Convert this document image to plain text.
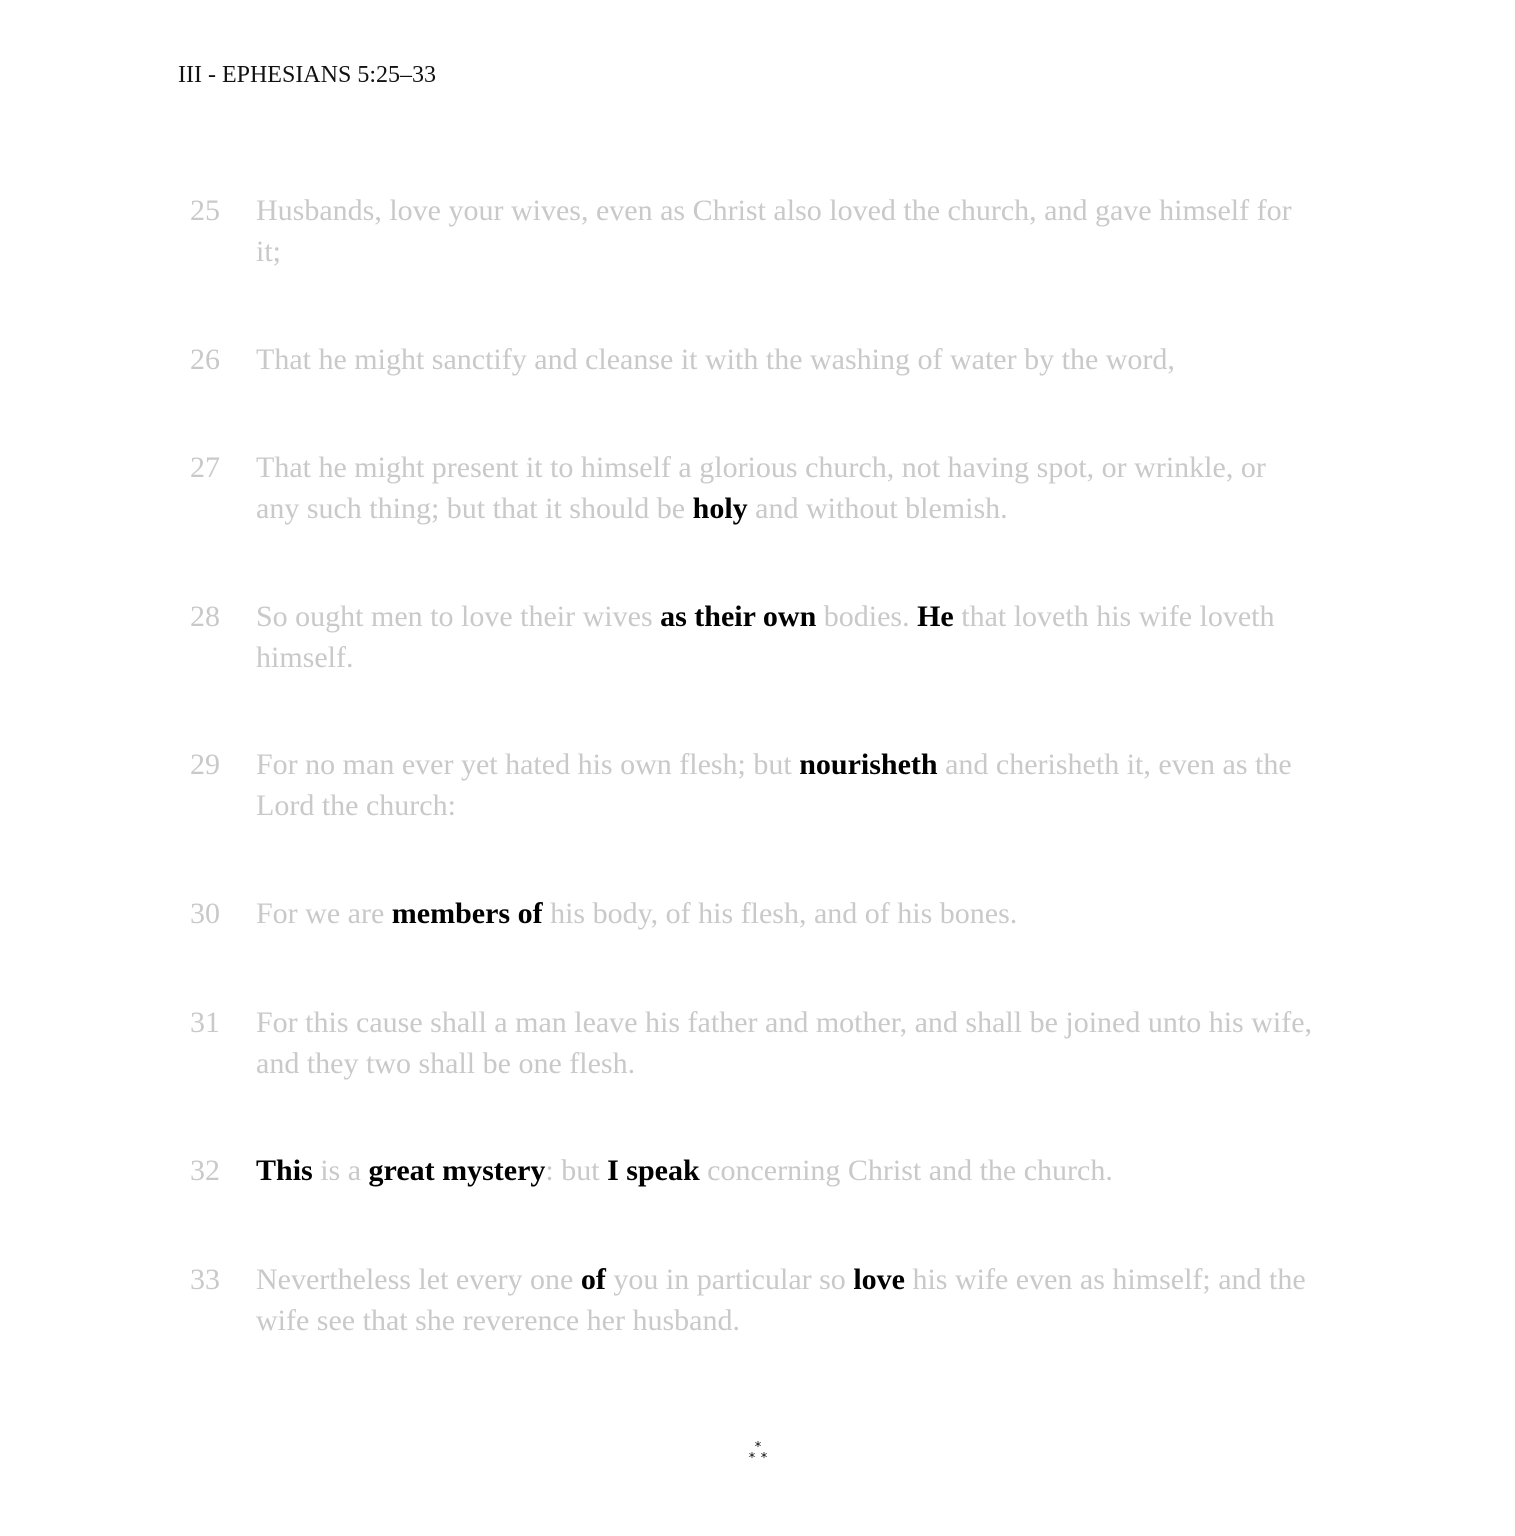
III - EPHESIANS 5:25–33
25	Husbands, love your wives, even as Christ also loved the church, and gave himself for it;
26	That he might sanctify and cleanse it with the washing of water by the word,
27	That he might present it to himself a glorious church, not having spot, or wrinkle, or any such thing; but that it should be holy and without blemish.
28	So ought men to love their wives as their own bodies. He that loveth his wife loveth himself.
29	For no man ever yet hated his own flesh; but nourisheth and cherisheth it, even as the Lord the church:
30	For we are members of his body, of his flesh, and of his bones.
31	For this cause shall a man leave his father and mother, and shall be joined unto his wife, and they two shall be one flesh.
32	This is a great mystery: but I speak concerning Christ and the church.
33	Nevertheless let every one of you in particular so love his wife even as himself; and the wife see that she reverence her husband.
*
* *
